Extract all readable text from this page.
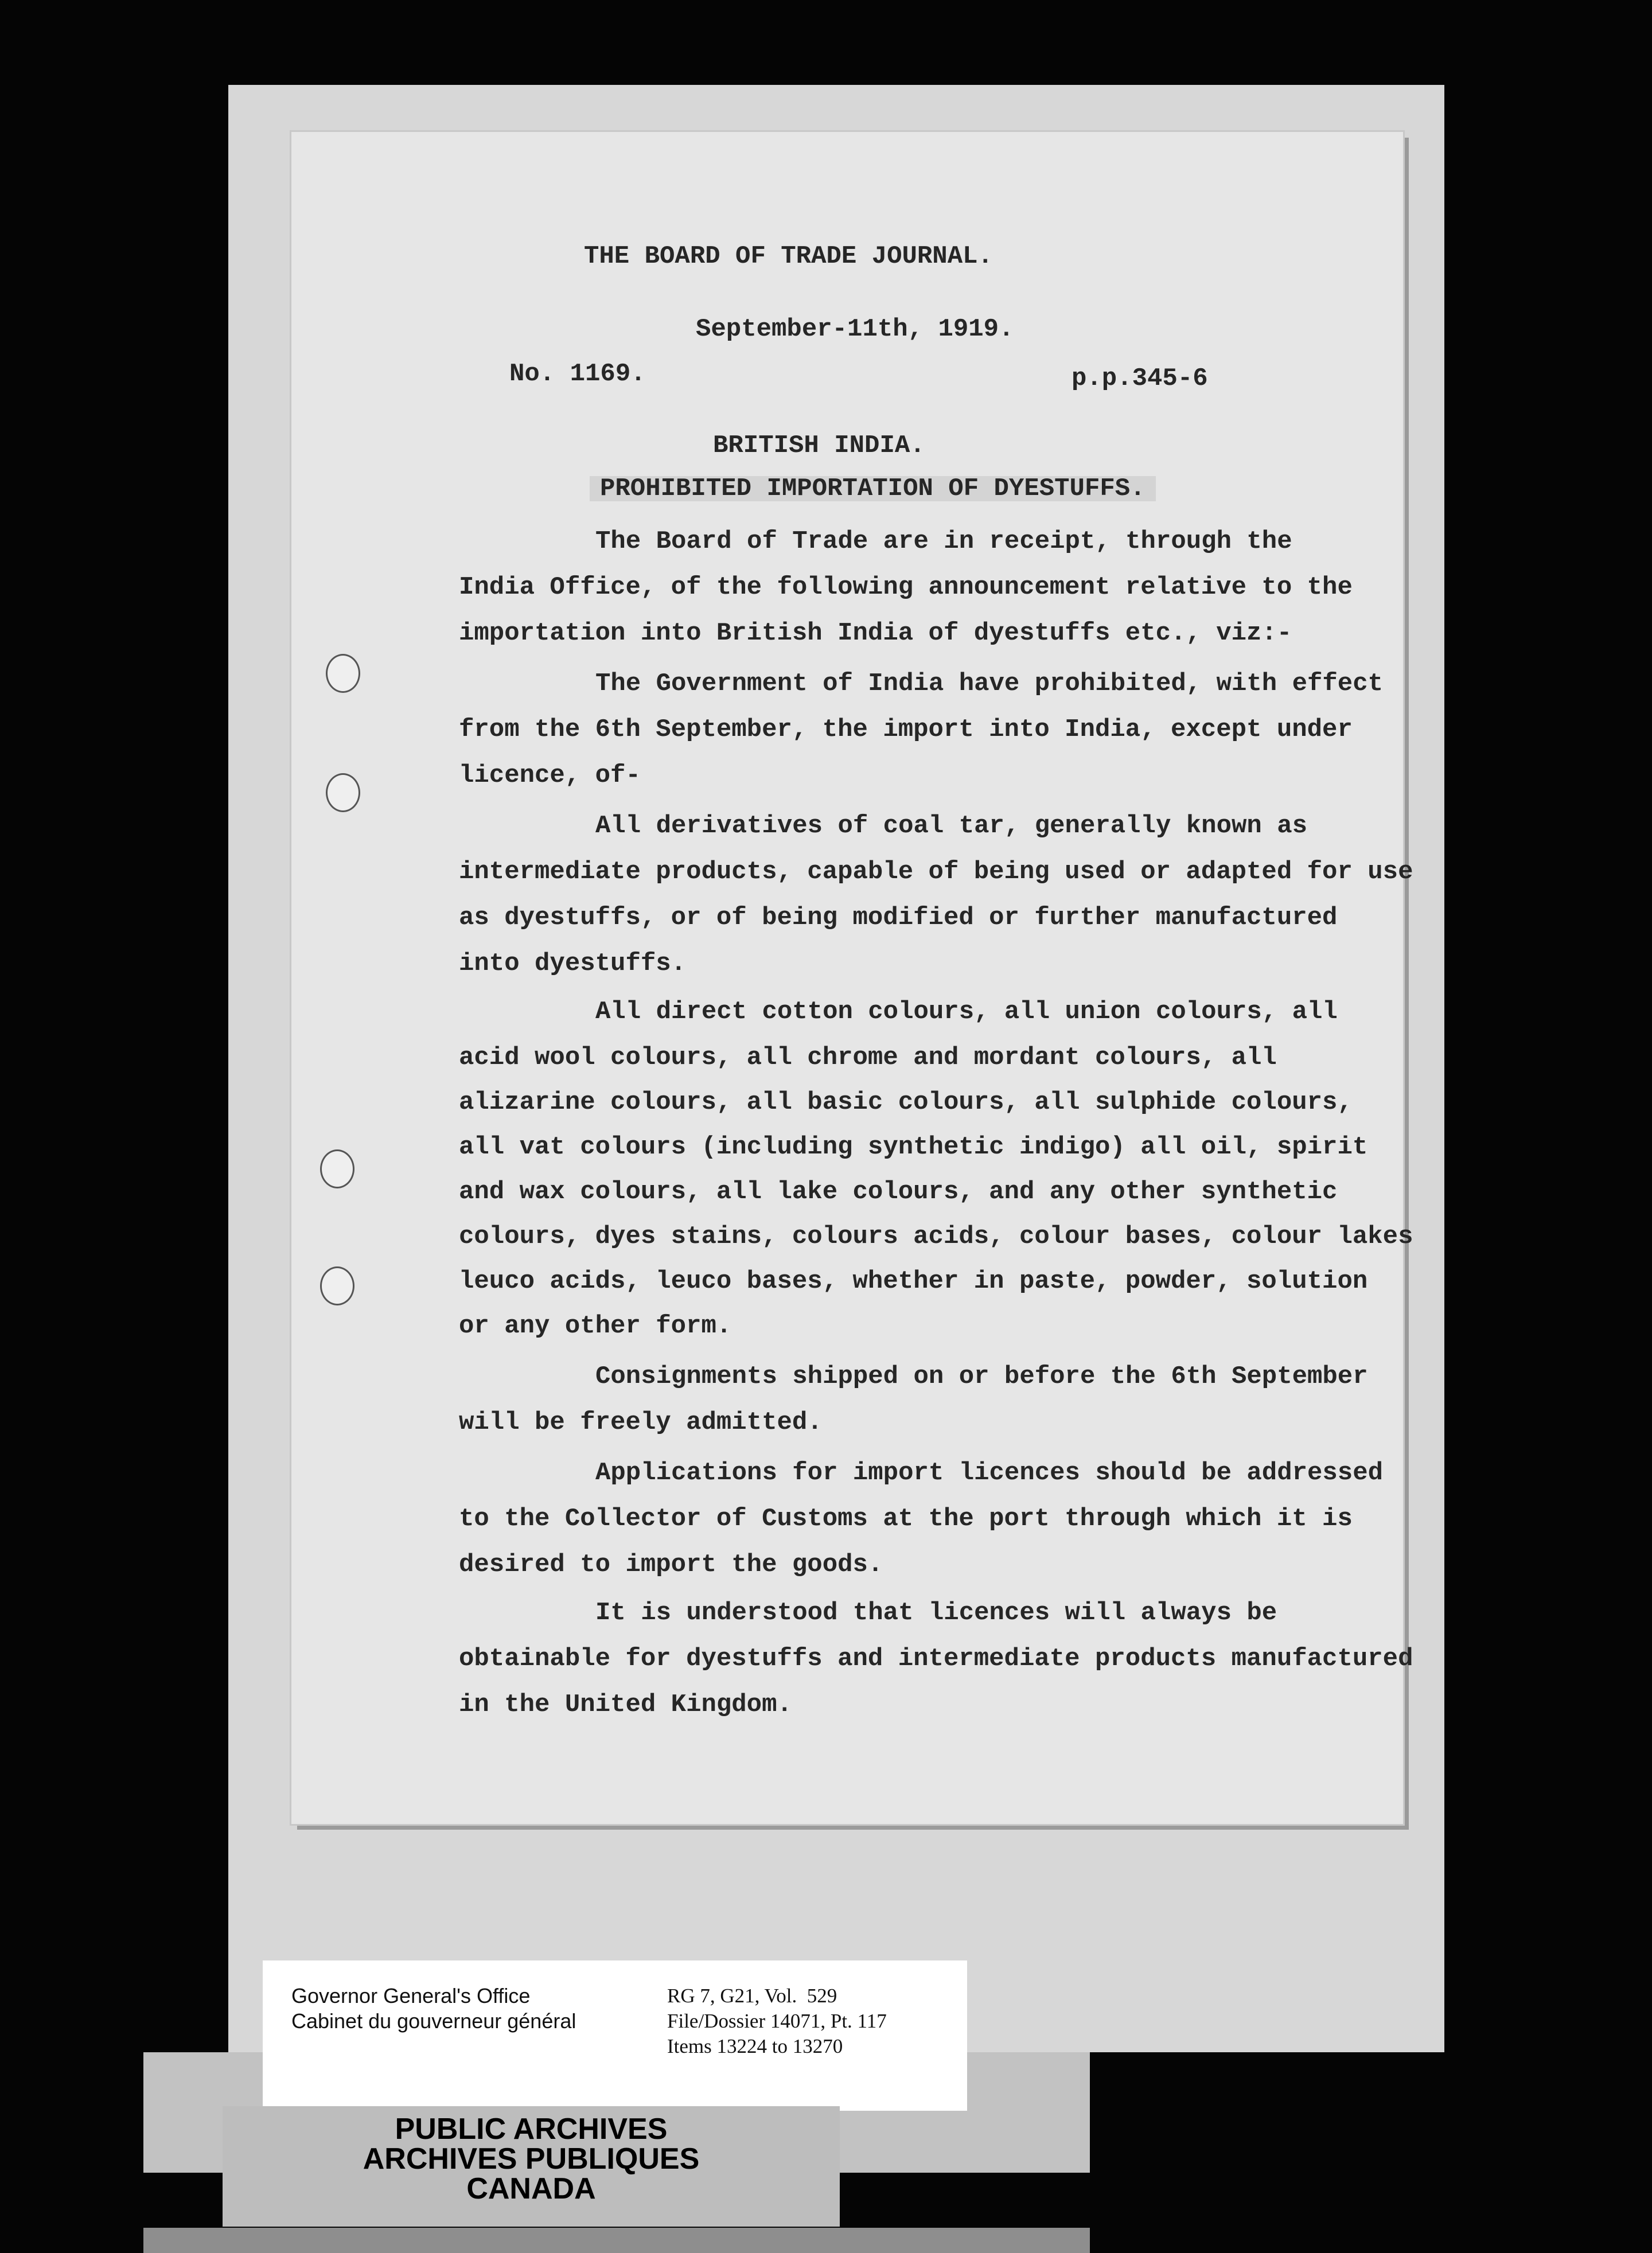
THE BOARD OF TRADE JOURNAL.
September-11th, 1919.
No. 1169.	p.p.345-6
BRITISH INDIA.
PROHIBITED IMPORTATION OF DYESTUFFS.
The Board of Trade are in receipt, through the
India Office, of the following announcement relative to the
importation into British India of dyestuffs etc., viz:-
The Government of India have prohibited, with effect
from the 6th September, the import into India, except under
licence, of-
All derivatives of coal tar, generally known as
intermediate products, capable of being used or adapted for use
as dyestuffs, or of being modified or further manufactured
into dyestuffs.
All direct cotton colours, all union colours, all
acid wool colours, all chrome and mordant colours, all
alizarine colours, all basic colours, all sulphide colours,
all vat colours (including synthetic indigo) all oil, spirit
and wax colours, all lake colours, and any other synthetic
colours, dyes stains, colours acids, colour bases, colour lakes
leuco acids, leuco bases, whether in paste, powder, solution
or any other form.
Consignments shipped on or before the 6th September
will be freely admitted.
Applications for import licences should be addressed
to the Collector of Customs at the port through which it is
desired to import the goods.
It is understood that licences will always be
obtainable for dyestuffs and intermediate products manufactured
in the United Kingdom.
Governor General's Office
Cabinet du gouverneur général
RG 7, G21, Vol.  529
File/Dossier 14071, Pt. 117
Items 13224 to 13270
PUBLIC ARCHIVES
ARCHIVES PUBLIQUES
CANADA
